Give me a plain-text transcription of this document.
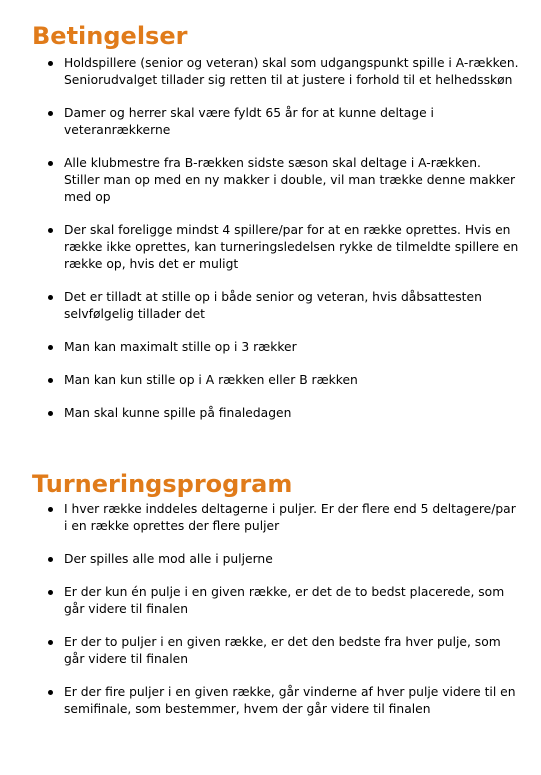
Betingelser
Holdspillere (senior og veteran) skal som udgangspunkt spille i A-rækken. Seniorudvalget tillader sig retten til at justere i forhold til et helhedsskøn
Damer og herrer skal være fyldt 65 år for at kunne deltage i veteranrækkerne
Alle klubmestre fra B-rækken sidste sæson skal deltage i A-rækken. Stiller man op med en ny makker i double, vil man trække denne makker med op
Der skal foreligge mindst 4 spillere/par for at en række oprettes. Hvis en række ikke oprettes, kan turneringsledelsen rykke de tilmeldte spillere en række op, hvis det er muligt
Det er tilladt at stille op i både senior og veteran, hvis dåbsattesten selvfølgelig tillader det
Man kan maximalt stille op i 3 rækker
Man kan kun stille op i A rækken eller B rækken
Man skal kunne spille på finaledagen
Turneringsprogram
I hver række inddeles deltagerne i puljer. Er der flere end 5 deltagere/par i en række oprettes der flere puljer
Der spilles alle mod alle i puljerne
Er der kun én pulje i en given række, er det de to bedst placerede, som går videre til finalen
Er der to puljer i en given række, er det den bedste fra hver pulje, som går videre til finalen
Er der fire puljer i en given række, går vinderne af hver pulje videre til en semifinale, som bestemmer, hvem der går videre til finalen
